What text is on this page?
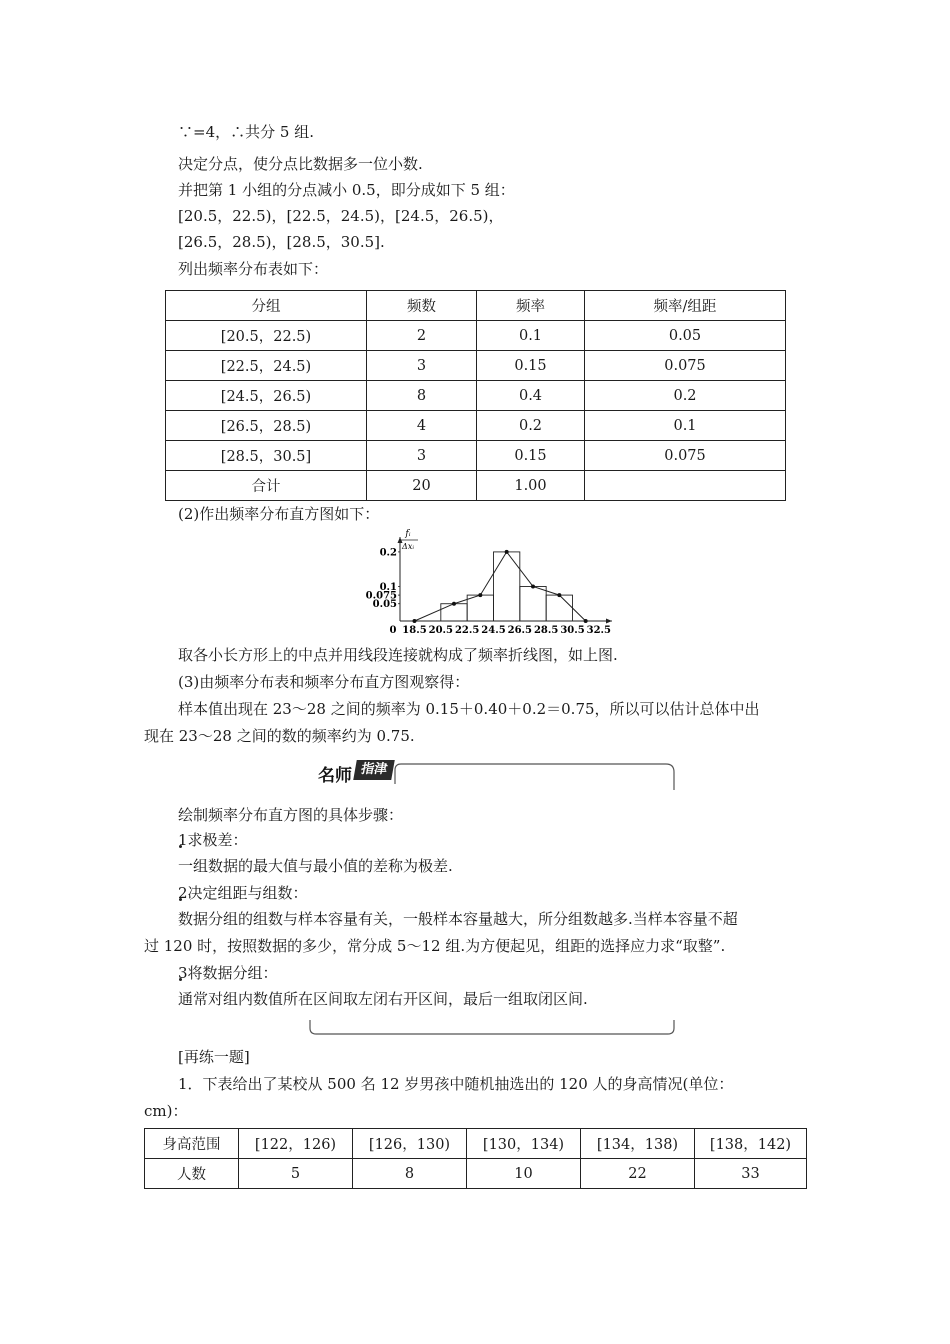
∵=4，∴共分 5 组.
决定分点，使分点比数据多一位小数.
并把第 1 小组的分点减小 0.5，即分成如下 5 组：
[20.5，22.5)，[22.5，24.5)，[24.5，26.5)，
[26.5，28.5)，[28.5，30.5].
列出频率分布表如下：
分组	频数	频率	频率/组距
[20.5，22.5)	2	0.1	0.05
[22.5，24.5)	3	0.15	0.075
[24.5，26.5)	8	0.4	0.2
[26.5，28.5)	4	0.2	0.1
[28.5，30.5]	3	0.15	0.075
合计	20	1.00	
(2)作出频率分布直方图如下：
fᵢ
Δxᵢ
0.2
0.1
0.075
0.05
18.5 20.5 22.5 24.5 26.5 28.5 30.5 32.5
0
取各小长方形上的中点并用线段连接就构成了频率折线图，如上图.
(3)由频率分布表和频率分布直方图观察得：
样本值出现在 23～28 之间的频率为 0.15＋0.40＋0.2＝0.75，所以可以估计总体中出
现在 23～28 之间的数的频率约为 0.75.
名师 指津
绘制频率分布直方图的具体步骤：
1求极差：
一组数据的最大值与最小值的差称为极差.
2决定组距与组数：
数据分组的组数与样本容量有关，一般样本容量越大，所分组数越多.当样本容量不超
过 120 时，按照数据的多少，常分成 5～12 组.为方便起见，组距的选择应力求“取整”.
3将数据分组：
通常对组内数值所在区间取左闭右开区间，最后一组取闭区间.
[再练一题]
1．下表给出了某校从 500 名 12 岁男孩中随机抽选出的 120 人的身高情况(单位：
cm)：
身高范围	[122，126)	[126，130)	[130，134)	[134，138)	[138，142)
人数	5	8	10	22	33
